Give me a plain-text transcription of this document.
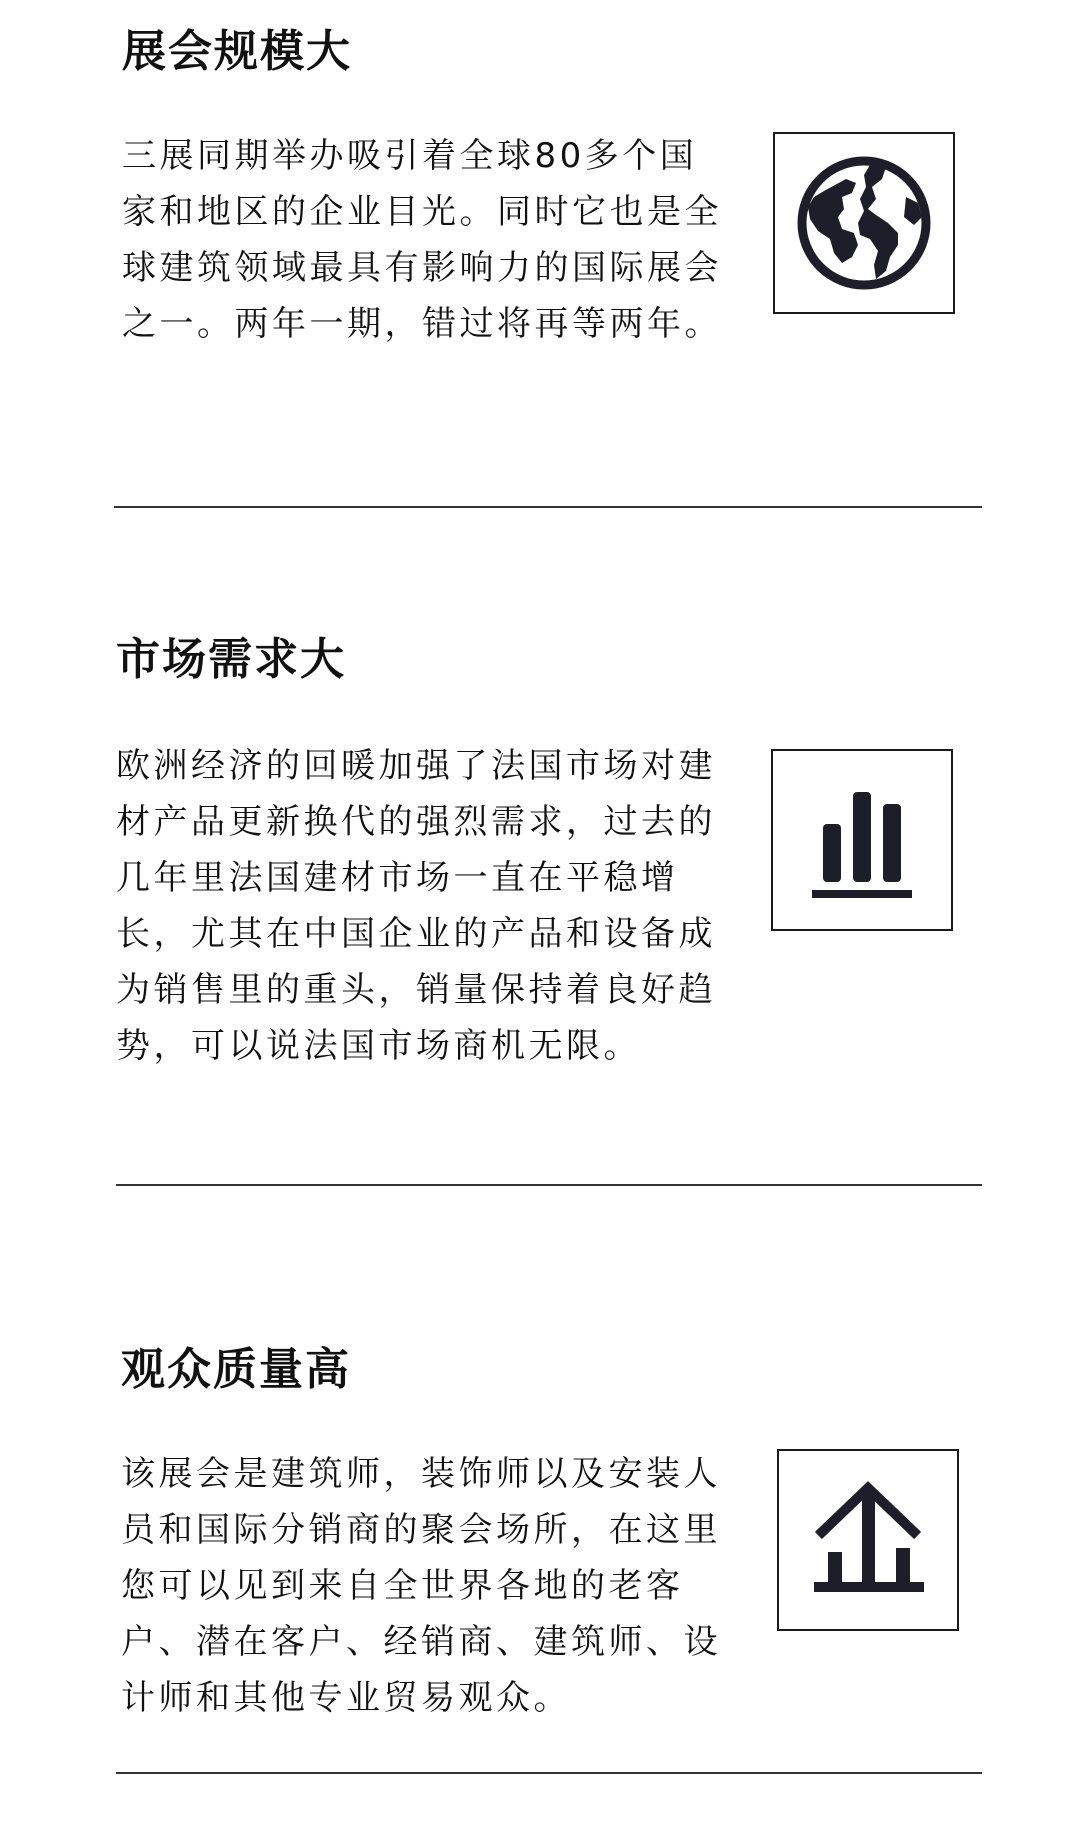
展会规模大

三展同期举办吸引着全球80多个国家和地区的企业目光。同时它也是全球建筑领域最具有影响力的国际展会之一。两年一期，错过将再等两年。

市场需求大

欧洲经济的回暖加强了法国市场对建材产品更新换代的强烈需求，过去的几年里法国建材市场一直在平稳增长，尤其在中国企业的产品和设备成为销售里的重头，销量保持着良好趋势，可以说法国市场商机无限。

观众质量高

该展会是建筑师，装饰师以及安装人员和国际分销商的聚会场所，在这里您可以见到来自全世界各地的老客户、潜在客户、经销商、建筑师、设计师和其他专业贸易观众。
